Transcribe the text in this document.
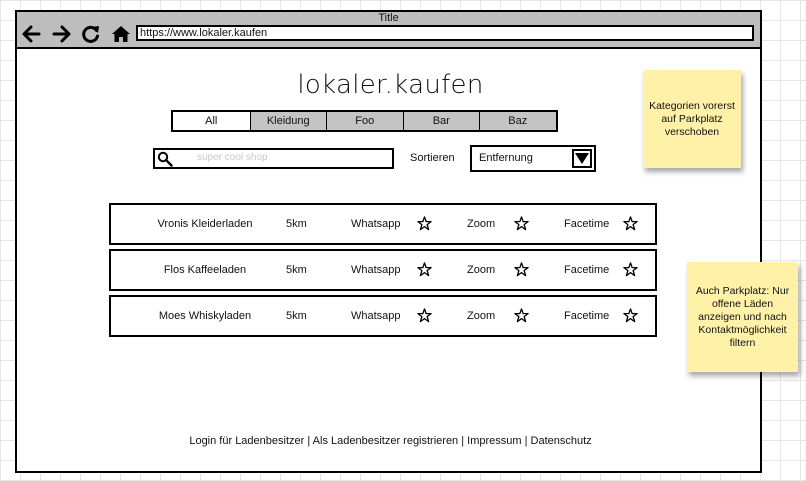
Title
https://www.lokaler.kaufen
lokaler.kaufen
All	Kleidung	Foo	Bar	Baz
super cool shop	Sortieren Entfernung
Vronis Kleiderladen	5km	Whatsapp	Zoom	Facetime
Flos Kaffeeladen	5km	Whatsapp	Zoom	Facetime
Moes Whiskyladen	5km	Whatsapp	Zoom	Facetime
Login für Ladenbesitzer | Als Ladenbesitzer registrieren | Impressum | Datenschutz
Kategorien vorerst auf Parkplatz verschoben
Auch Parkplatz: Nur offene Läden anzeigen und nach Kontaktmöglichkeit filtern
